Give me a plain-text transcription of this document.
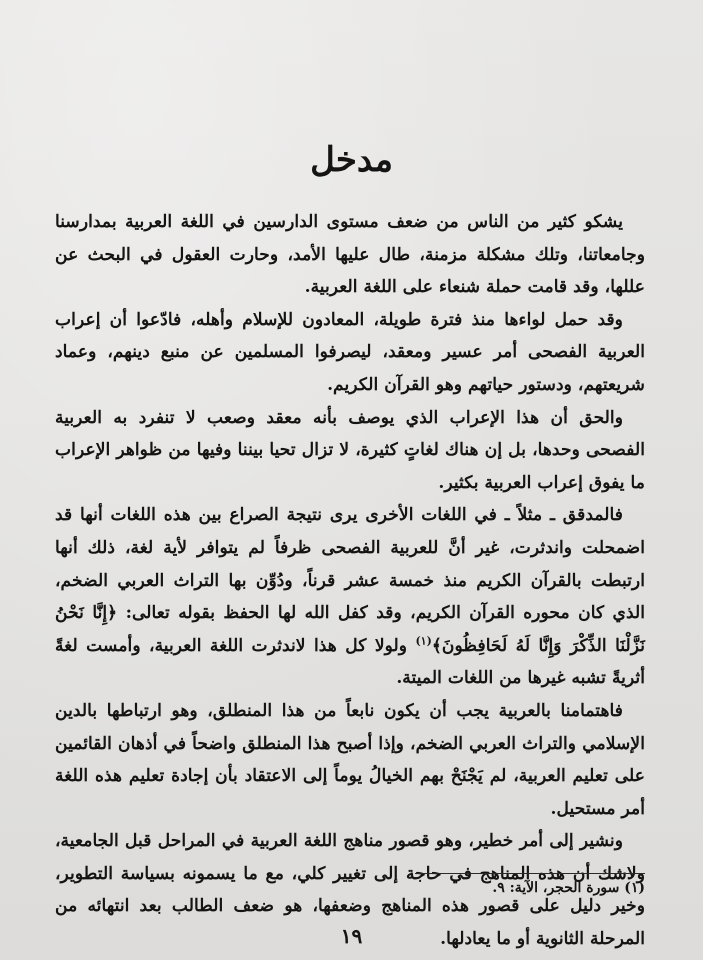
مدخل

يشكو كثير من الناس من ضعف مستوى الدارسين في اللغة العربية بمدارسنا وجامعاتنا، وتلك مشكلة مزمنة، طال عليها الأمد، وحارت العقول في البحث عن عللها، وقد قامت حملة شنعاء على اللغة العربية.

وقد حمل لواءها منذ فترة طويلة، المعادون للإسلام وأهله، فادّعوا أن إعراب العربية الفصحى أمر عسير ومعقد، ليصرفوا المسلمين عن منبع دينهم، وعماد شريعتهم، ودستور حياتهم وهو القرآن الكريم.

والحق أن هذا الإعراب الذي يوصف بأنه معقد وصعب لا تنفرد به العربية الفصحى وحدها، بل إن هناك لغاتٍ كثيرة، لا تزال تحيا بيننا وفيها من ظواهر الإعراب ما يفوق إعراب العربية بكثير.

فالمدقق ـ مثلاً ـ في اللغات الأخرى يرى نتيجة الصراع بين هذه اللغات أنها قد اضمحلت واندثرت، غير أنَّ للعربية الفصحى ظرفاً لم يتوافر لأية لغة، ذلك أنها ارتبطت بالقرآن الكريم منذ خمسة عشر قرناً، ودُوِّن بها التراث العربي الضخم، الذي كان محوره القرآن الكريم، وقد كفل الله لها الحفظ بقوله تعالى: ﴿إِنَّا نَحْنُ نَزَّلْنَا الذِّكْرَ وَإِنَّا لَهُ لَحَافِظُونَ﴾$^{(١)}$ ولولا كل هذا لاندثرت اللغة العربية، وأمست لغةً أثريةً تشبه غيرها من اللغات الميتة.

فاهتمامنا بالعربية يجب أن يكون نابعاً من هذا المنطلق، وهو ارتباطها بالدين الإسلامي والتراث العربي الضخم، وإذا أصبح هذا المنطلق واضحاً في أذهان القائمين على تعليم العربية، لم يَجْنَحْ بهم الخيالُ يوماً إلى الاعتقاد بأن إجادة تعليم هذه اللغة أمر مستحيل.

ونشير إلى أمر خطير، وهو قصور مناهج اللغة العربية في المراحل قبل الجامعية، ولاشك أن هذه المناهج في حاجة إلى تغيير كلي، مع ما يسمونه بسياسة التطوير، وخير دليل على قصور هذه المناهج وضعفها، هو ضعف الطالب بعد انتهائه من المرحلة الثانوية أو ما يعادلها.

(١) سورة الحجر، الآية: ٩.

١٩
